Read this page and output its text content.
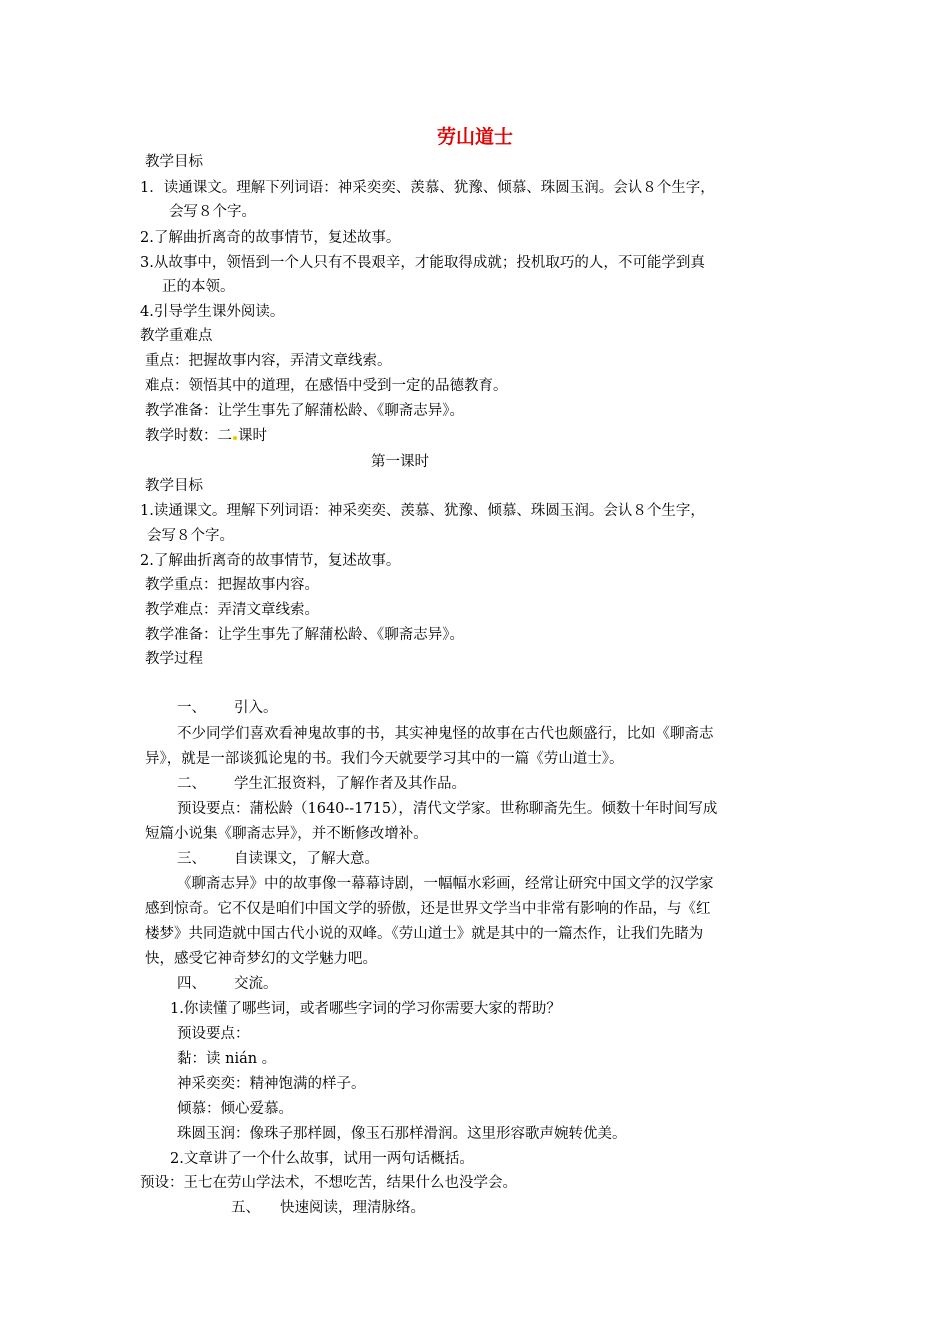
劳山道士
教学目标
1．读通课文。理解下列词语：神采奕奕、羡慕、犹豫、倾慕、珠圆玉润。会认８个生字，
会写８个字。
2.了解曲折离奇的故事情节，复述故事。
3.从故事中，领悟到一个人只有不畏艰辛，才能取得成就；投机取巧的人，不可能学到真
正的本领。
4.引导学生课外阅读。
教学重难点
重点：把握故事内容，弄清文章线索。
难点：领悟其中的道理，在感悟中受到一定的品德教育。
教学准备：让学生事先了解蒲松龄、《聊斋志异》。
教学时数：二 课时
第一课时
教学目标
1.读通课文。理解下列词语：神采奕奕、羡慕、犹豫、倾慕、珠圆玉润。会认８个生字，
会写８个字。
2.了解曲折离奇的故事情节，复述故事。
教学重点：把握故事内容。
教学难点：弄清文章线索。
教学准备：让学生事先了解蒲松龄、《聊斋志异》。
教学过程
一、 引入。
不少同学们喜欢看神鬼故事的书，其实神鬼怪的故事在古代也颇盛行，比如《聊斋志
异》，就是一部谈狐论鬼的书。我们今天就要学习其中的一篇《劳山道士》。
二、 学生汇报资料，了解作者及其作品。
预设要点：蒲松龄（1640--1715），清代文学家。世称聊斋先生。倾数十年时间写成
短篇小说集《聊斋志异》，并不断修改增补。
三、 自读课文，了解大意。
《聊斋志异》中的故事像一幕幕诗剧，一幅幅水彩画，经常让研究中国文学的汉学家
感到惊奇。它不仅是咱们中国文学的骄傲，还是世界文学当中非常有影响的作品，与《红
楼梦》共同造就中国古代小说的双峰。《劳山道士》就是其中的一篇杰作，让我们先睹为
快，感受它神奇梦幻的文学魅力吧。
四、 交流。
1.你读懂了哪些词，或者哪些字词的学习你需要大家的帮助？
预设要点：
黏：读 nián 。
神采奕奕：精神饱满的样子。
倾慕：倾心爱慕。
珠圆玉润：像珠子那样圆，像玉石那样滑润。这里形容歌声婉转优美。
2.文章讲了一个什么故事，试用一两句话概括。
预设：王七在劳山学法术，不想吃苦，结果什么也没学会。
五、 快速阅读，理清脉络。
